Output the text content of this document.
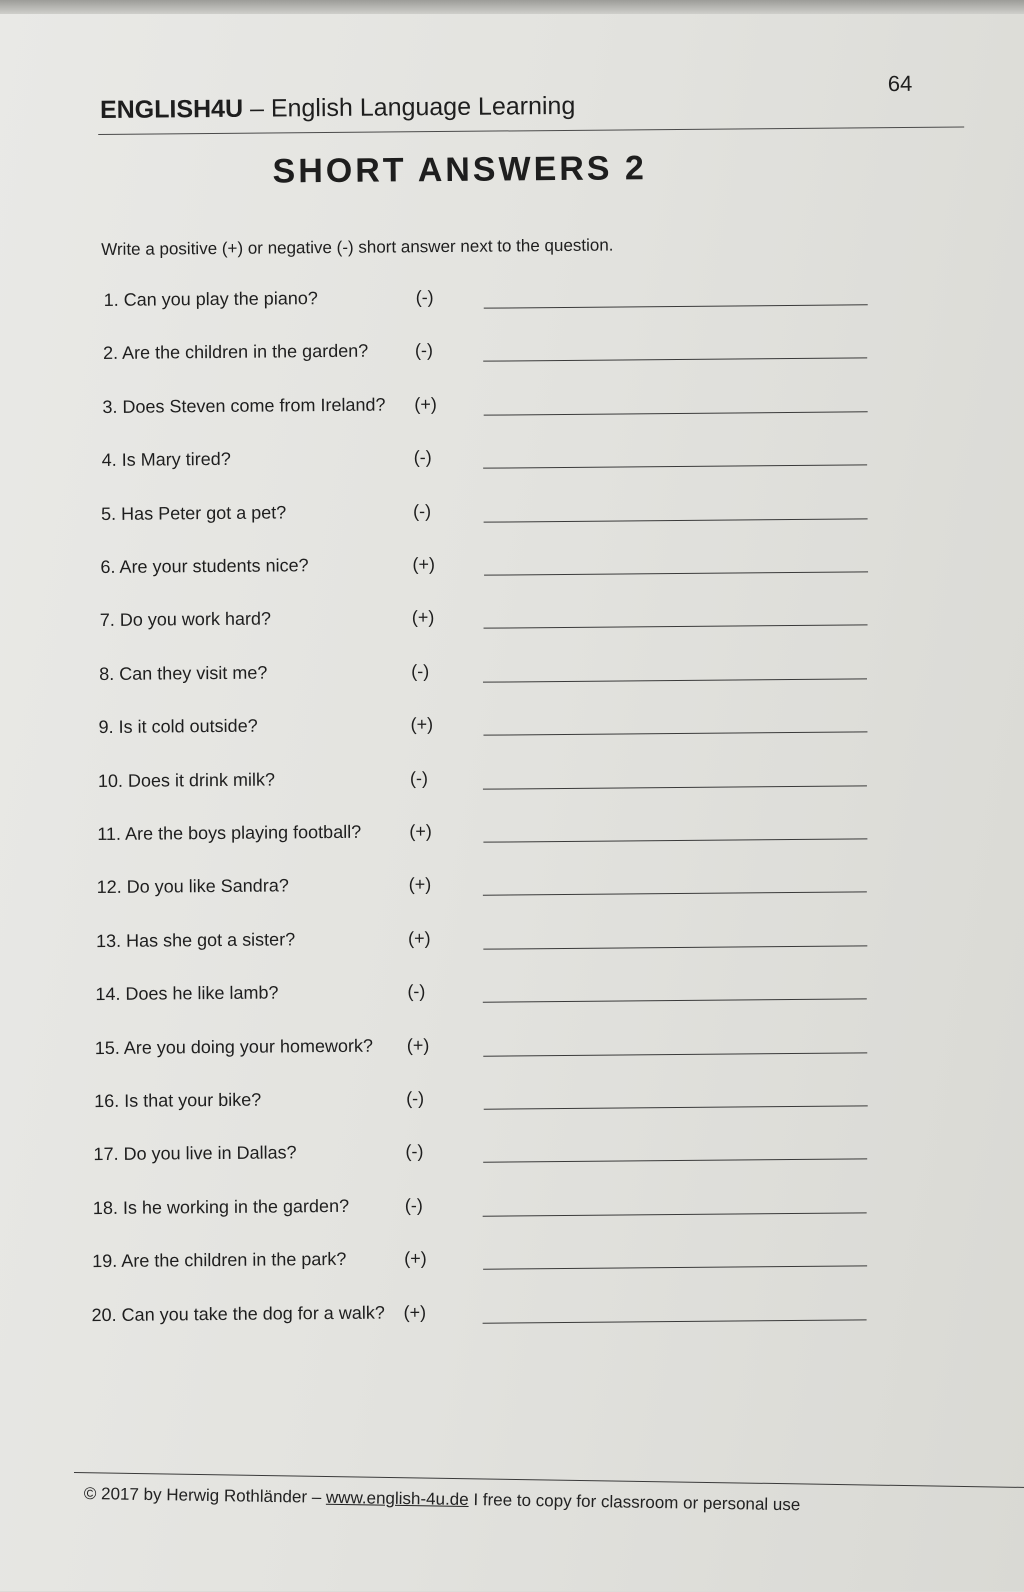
64
ENGLISH4U – English Language Learning
SHORT ANSWERS 2
Write a positive (+) or negative (-) short answer next to the question.
1. Can you play the piano?	(-)
2. Are the children in the garden?	(-)
3. Does Steven come from Ireland? (+)
4. Is Mary tired?	(-)
5. Has Peter got a pet?	(-)
6. Are your students nice?	(+)
7. Do you work hard?	(+)
8. Can they visit me?	(-)
9. Is it cold outside?	(+)
10. Does it drink milk?	(-)
11. Are the boys playing football?	(+)
12. Do you like Sandra?	(+)
13. Has she got a sister?	(+)
14. Does he like lamb?	(-)
15. Are you doing your homework? (+)
16. Is that your bike?	(-)
17. Do you live in Dallas?	(-)
18. Is he working in the garden?	(-)
19. Are the children in the park?	(+)
20. Can you take the dog for a walk? (+)
© 2017 by Herwig Rothländer – www.english-4u.de I free to copy for classroom or personal use
